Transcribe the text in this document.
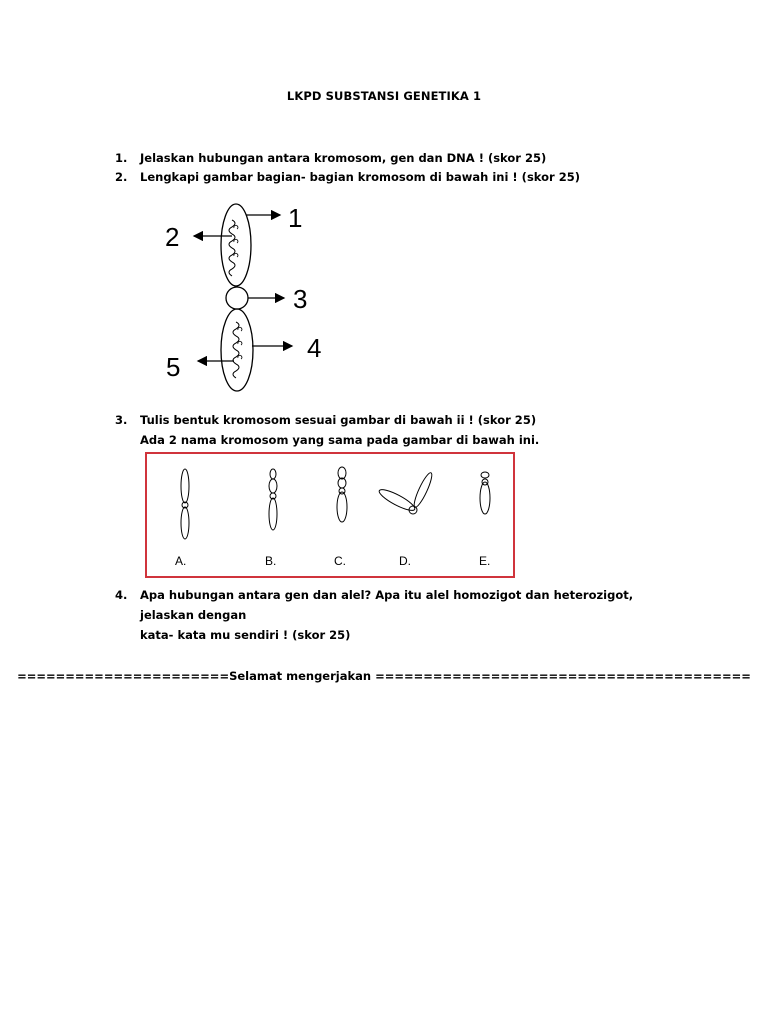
LKPD SUBSTANSI GENETIKA 1
1. Jelaskan hubungan antara kromosom, gen dan DNA ! (skor 25)
2. Lengkapi gambar bagian- bagian kromosom di bawah ini ! (skor 25)
1
2
3
4
5
3. Tulis bentuk kromosom sesuai gambar di bawah ii ! (skor 25)
Ada 2 nama kromosom yang sama pada gambar di bawah ini.
A.	B.	C.	D.	E.
4. Apa hubungan antara gen dan alel? Apa itu alel homozigot dan heterozigot, jelaskan dengan
kata- kata mu sendiri ! (skor 25)
======================Selamat mengerjakan =======================================
